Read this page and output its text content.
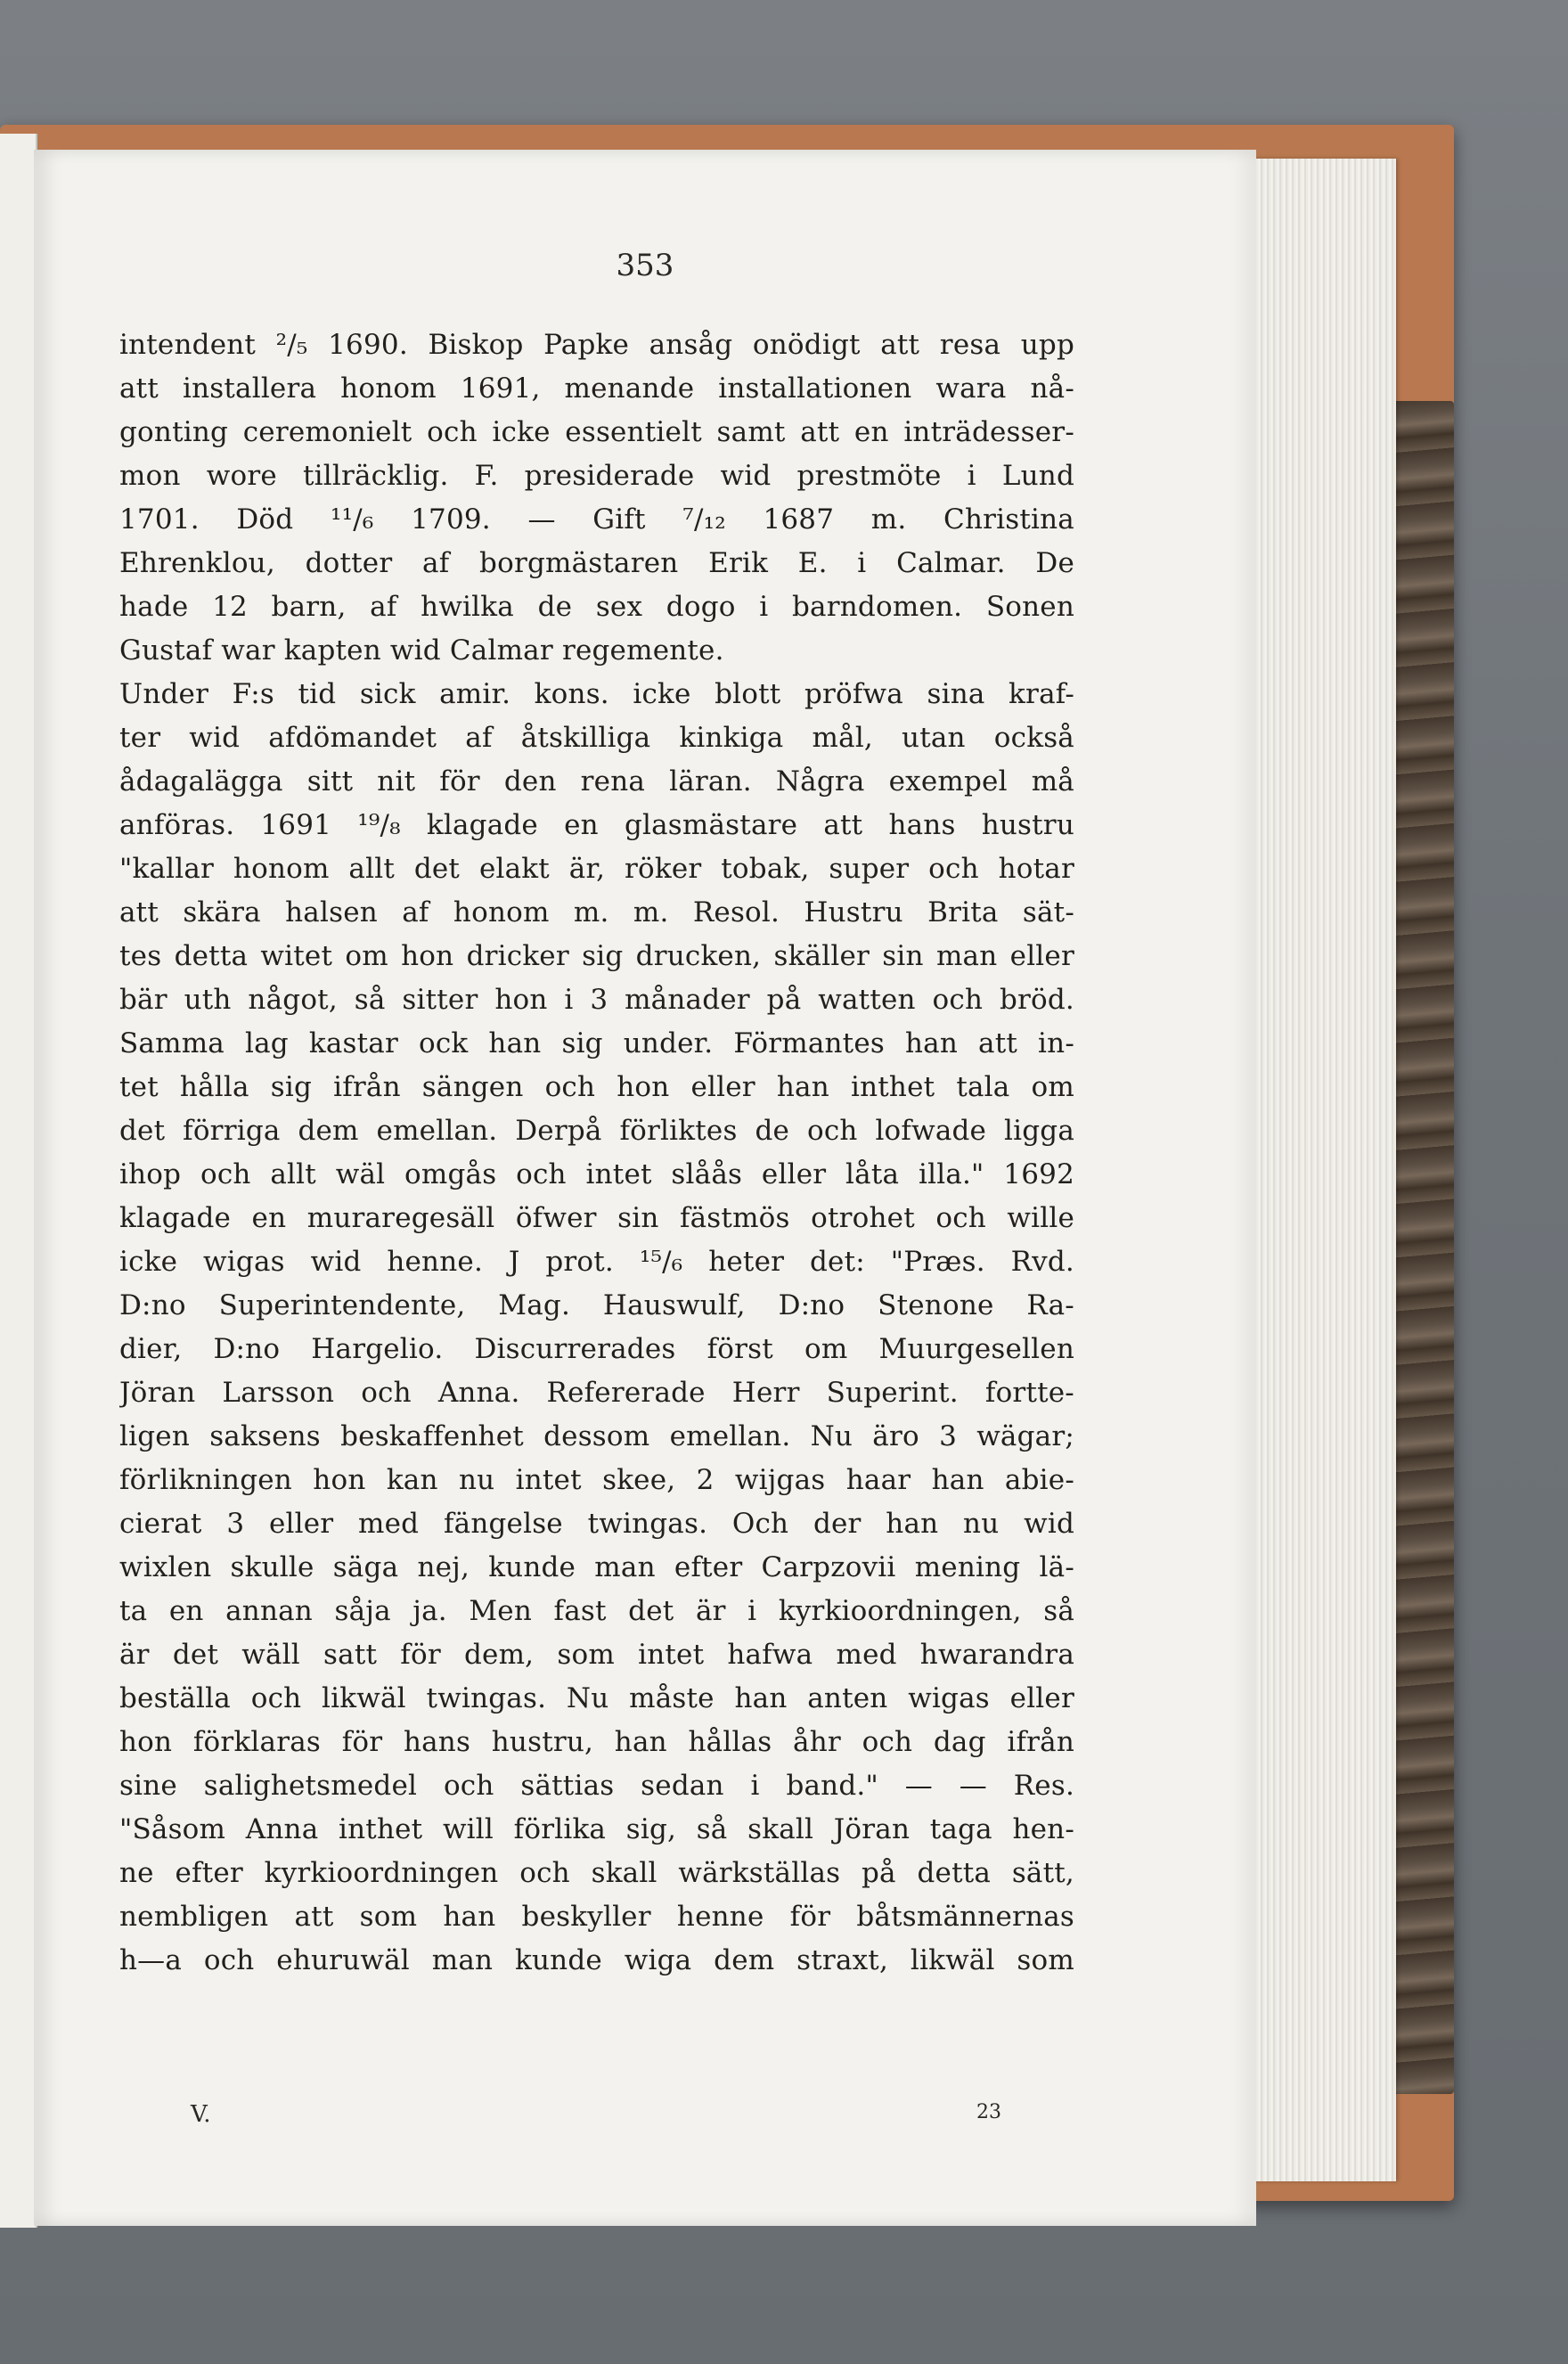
353
intendent ²/₅ 1690. Biskop Papke ansåg onödigt att resa upp
att installera honom 1691, menande installationen wara nå-
gonting ceremonielt och icke essentielt samt att en inträdesser-
mon wore tillräcklig. F. presiderade wid prestmöte i Lund
1701. Död ¹¹/₆ 1709. — Gift ⁷/₁₂ 1687 m. Christina
Ehrenklou, dotter af borgmästaren Erik E. i Calmar. De
hade 12 barn, af hwilka de sex dogo i barndomen. Sonen
Gustaf war kapten wid Calmar regemente.
Under F:s tid sick amir. kons. icke blott pröfwa sina kraf-
ter wid afdömandet af åtskilliga kinkiga mål, utan också
ådagalägga sitt nit för den rena läran. Några exempel må
anföras. 1691 ¹⁹/₈ klagade en glasmästare att hans hustru
"kallar honom allt det elakt är, röker tobak, super och hotar
att skära halsen af honom m. m. Resol. Hustru Brita sät-
tes detta witet om hon dricker sig drucken, skäller sin man eller
bär uth något, så sitter hon i 3 månader på watten och bröd.
Samma lag kastar ock han sig under. Förmantes han att in-
tet hålla sig ifrån sängen och hon eller han inthet tala om
det förriga dem emellan. Derpå förliktes de och lofwade ligga
ihop och allt wäl omgås och intet slåås eller låta illa." 1692
klagade en muraregesäll öfwer sin fästmös otrohet och wille
icke wigas wid henne. J prot. ¹⁵/₆ heter det: "Præs. Rvd.
D:no Superintendente, Mag. Hauswulf, D:no Stenone Ra-
dier, D:no Hargelio. Discurrerades först om Muurgesellen
Jöran Larsson och Anna. Refererade Herr Superint. fortte-
ligen saksens beskaffenhet dessom emellan. Nu äro 3 wägar;
förlikningen hon kan nu intet skee, 2 wijgas haar han abie-
cierat 3 eller med fängelse twingas. Och der han nu wid
wixlen skulle säga nej, kunde man efter Carpzovii mening lä-
ta en annan såja ja. Men fast det är i kyrkioordningen, så
är det wäll satt för dem, som intet hafwa med hwarandra
beställa och likwäl twingas. Nu måste han anten wigas eller
hon förklaras för hans hustru, han hållas åhr och dag ifrån
sine salighetsmedel och sättias sedan i band." — — Res.
"Såsom Anna inthet will förlika sig, så skall Jöran taga hen-
ne efter kyrkioordningen och skall wärkställas på detta sätt,
nembligen att som han beskyller henne för båtsmännernas
h—a och ehuruwäl man kunde wiga dem straxt, likwäl som
V.	23
